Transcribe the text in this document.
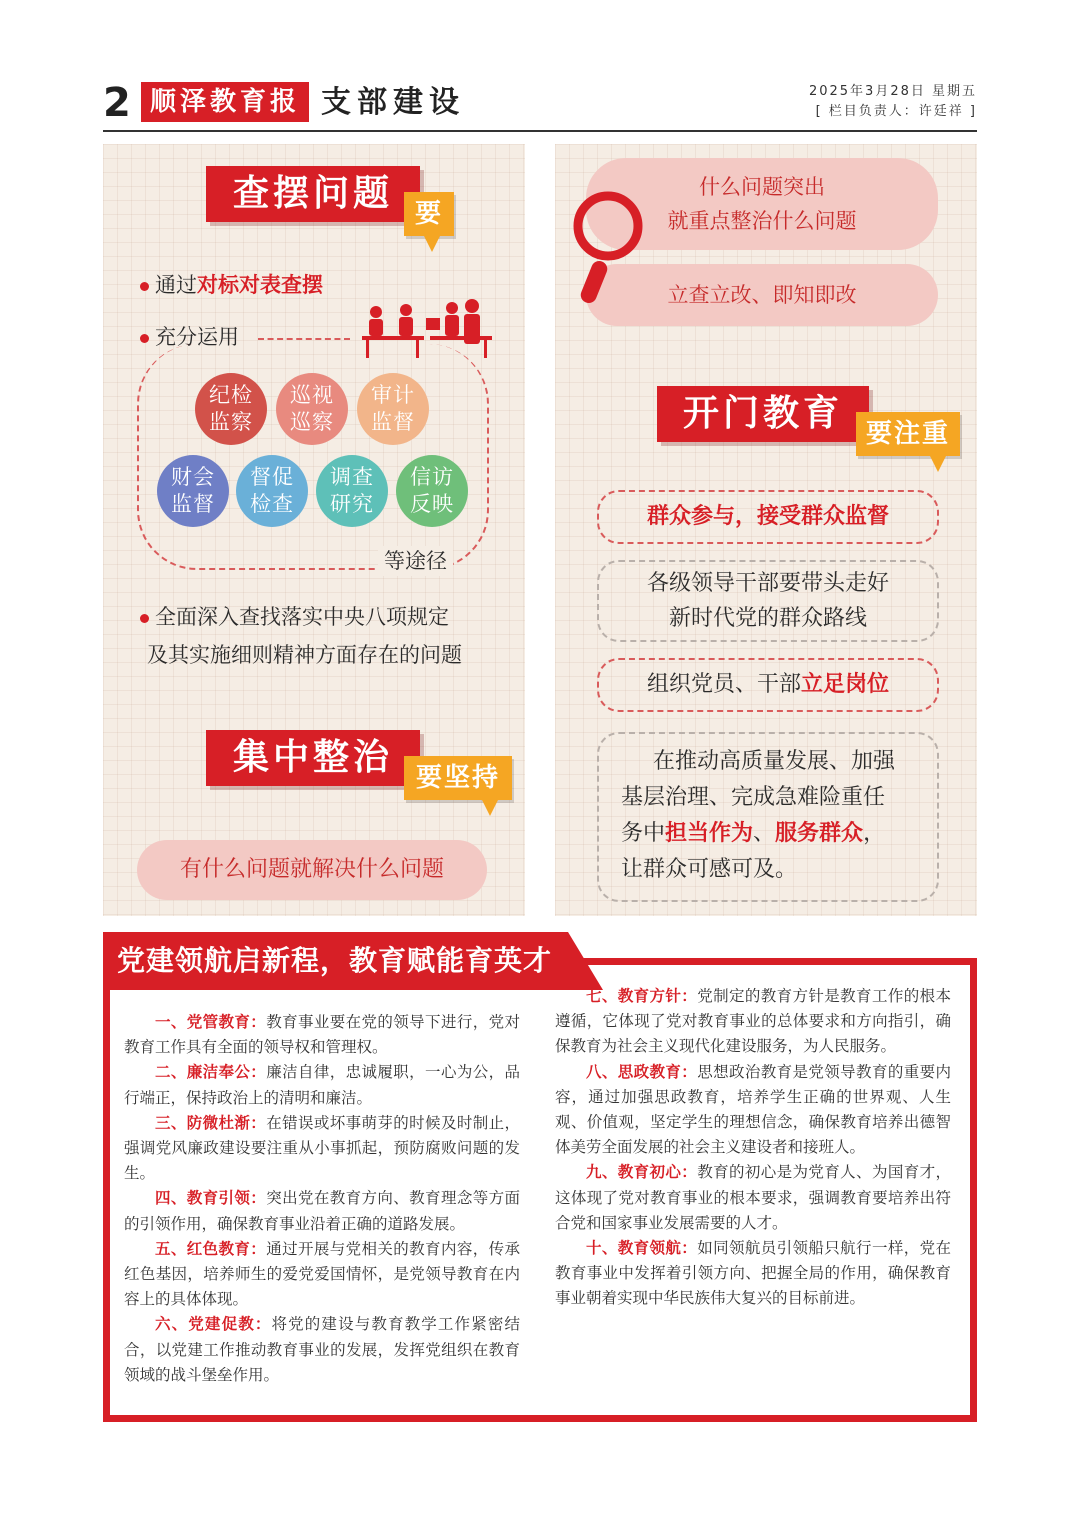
2 顺泽教育报 支部建设	2025年3月28日 星期五
[ 栏目负责人：许廷祥 ]
查摆问题 要
通过对标对表查摆
充分运用
纪检
监察
巡视
巡察
审计
监督
财会
监督
督促
检查
调查
研究
信访
反映
等途径
全面深入查找落实中央八项规定
及其实施细则精神方面存在的问题
集中整治 要坚持
有什么问题就解决什么问题
什么问题突出
就重点整治什么问题
立查立改、即知即改
开门教育 要注重
群众参与，接受群众监督
各级领导干部要带头走好
新时代党的群众路线
组织党员、干部立足岗位
在推动高质量发展、加强
基层治理、完成急难险重任
务中担当作为、服务群众，
让群众可感可及。
党建领航启新程，教育赋能育英才

一、党管教育：教育事业要在党的领导下进行，党对教育工作具有全面的领导权和管理权。

二、廉洁奉公：廉洁自律，忠诚履职，一心为公，品行端正，保持政治上的清明和廉洁。

三、防微杜渐：在错误或坏事萌芽的时候及时制止，强调党风廉政建设要注重从小事抓起，预防腐败问题的发生。

四、教育引领：突出党在教育方向、教育理念等方面的引领作用，确保教育事业沿着正确的道路发展。

五、红色教育：通过开展与党相关的教育内容，传承红色基因，培养师生的爱党爱国情怀，是党领导教育在内容上的具体体现。

六、党建促教：将党的建设与教育教学工作紧密结合，以党建工作推动教育事业的发展，发挥党组织在教育领域的战斗堡垒作用。

七、教育方针：党制定的教育方针是教育工作的根本遵循，它体现了党对教育事业的总体要求和方向指引，确保教育为社会主义现代化建设服务，为人民服务。

八、思政教育：思想政治教育是党领导教育的重要内容，通过加强思政教育，培养学生正确的世界观、人生观、价值观，坚定学生的理想信念，确保教育培养出德智体美劳全面发展的社会主义建设者和接班人。

九、教育初心：教育的初心是为党育人、为国育才，这体现了党对教育事业的根本要求，强调教育要培养出符合党和国家事业发展需要的人才。

十、教育领航：如同领航员引领船只航行一样，党在教育事业中发挥着引领方向、把握全局的作用，确保教育事业朝着实现中华民族伟大复兴的目标前进。
